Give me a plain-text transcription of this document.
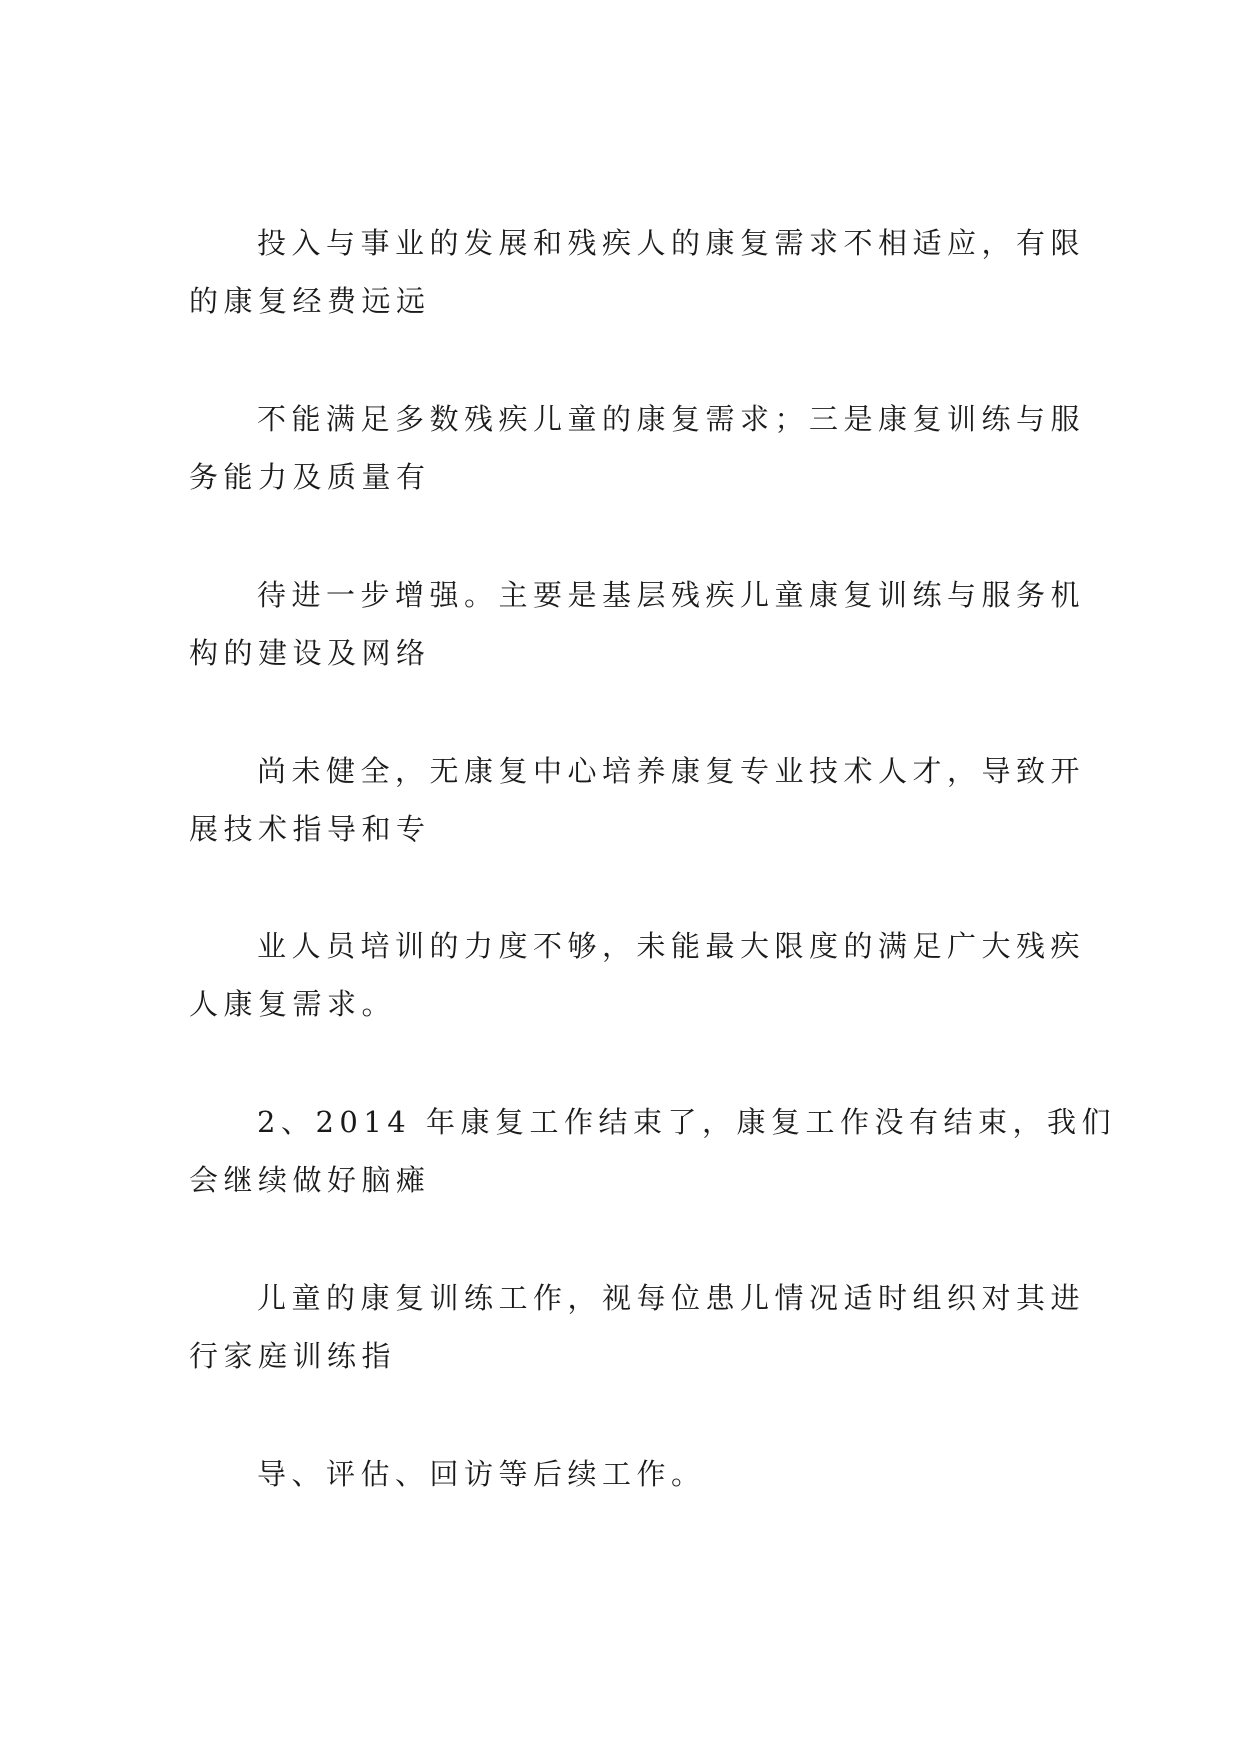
投入与事业的发展和残疾人的康复需求不相适应，有限
的康复经费远远

不能满足多数残疾儿童的康复需求；三是康复训练与服
务能力及质量有

待进一步增强。主要是基层残疾儿童康复训练与服务机
构的建设及网络

尚未健全，无康复中心培养康复专业技术人才，导致开
展技术指导和专

业人员培训的力度不够，未能最大限度的满足广大残疾
人康复需求。

2、2014 年康复工作结束了，康复工作没有结束，我们
会继续做好脑瘫

儿童的康复训练工作，视每位患儿情况适时组织对其进
行家庭训练指

导、评估、回访等后续工作。
